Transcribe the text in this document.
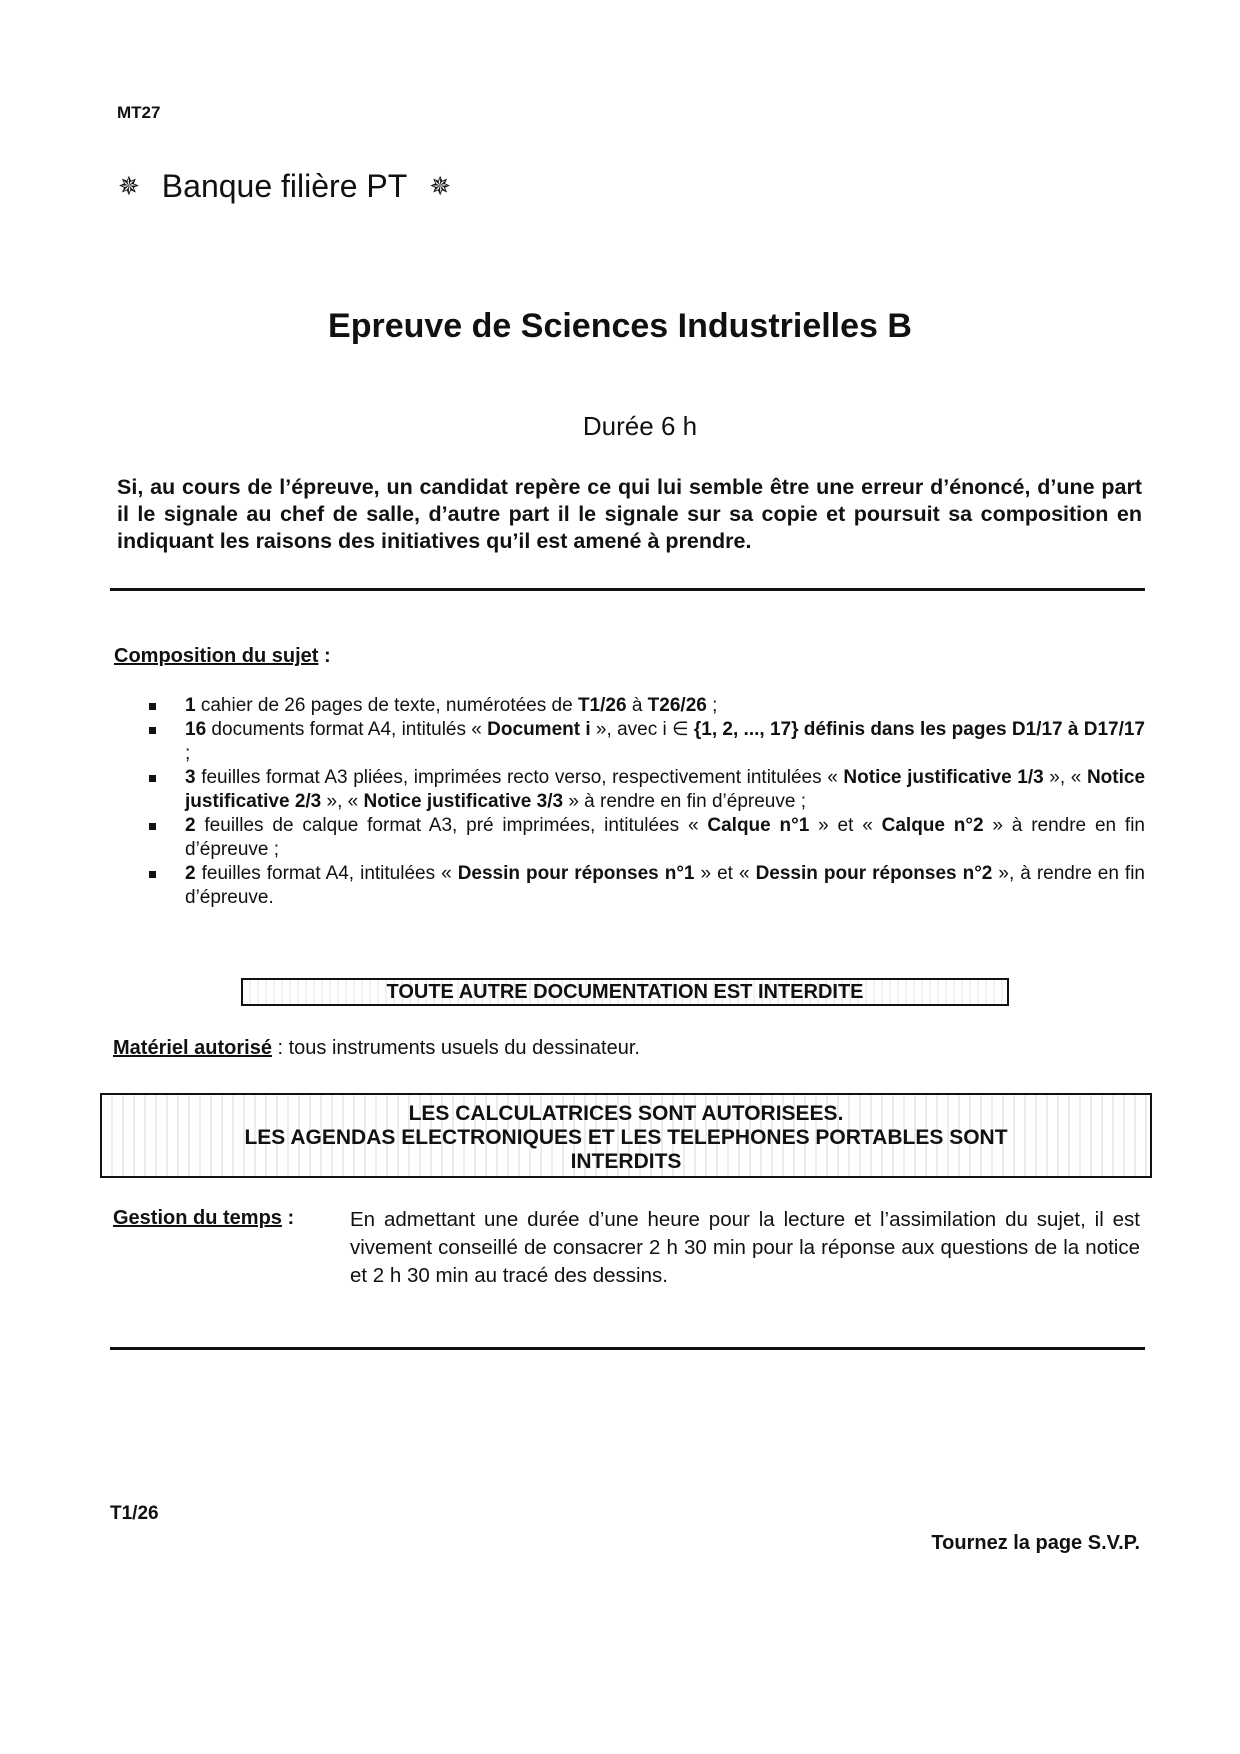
MT27
✵ Banque filière PT ✵
Epreuve de Sciences Industrielles B
Durée 6 h
Si, au cours de l’épreuve, un candidat repère ce qui lui semble être une erreur d’énoncé, d’une part il le signale au chef de salle, d’autre part il le signale sur sa copie et poursuit sa composition en indiquant les raisons des initiatives qu’il est amené à prendre.
Composition du sujet :
1 cahier de 26 pages de texte, numérotées de T1/26 à T26/26 ;
16 documents format A4, intitulés « Document i », avec i ∈ {1, 2, ..., 17} définis dans les pages D1/17 à D17/17 ;
3 feuilles format A3 pliées, imprimées recto verso, respectivement intitulées « Notice justificative 1/3 », « Notice justificative 2/3 », « Notice justificative 3/3 » à rendre en fin d’épreuve ;
2 feuilles de calque format A3, pré imprimées, intitulées « Calque n°1 » et « Calque n°2 » à rendre en fin d’épreuve ;
2 feuilles format A4, intitulées « Dessin pour réponses n°1 » et « Dessin pour réponses n°2 », à rendre en fin d’épreuve.
TOUTE AUTRE DOCUMENTATION EST INTERDITE
Matériel autorisé : tous instruments usuels du dessinateur.
LES CALCULATRICES SONT AUTORISEES.
LES AGENDAS ELECTRONIQUES ET LES TELEPHONES PORTABLES SONT
INTERDITS
Gestion du temps :	En admettant une durée d’une heure pour la lecture et l’assimilation du sujet, il est vivement conseillé de consacrer 2 h 30 min pour la réponse aux questions de la notice et 2 h 30 min au tracé des dessins.
T1/26
Tournez la page S.V.P.
